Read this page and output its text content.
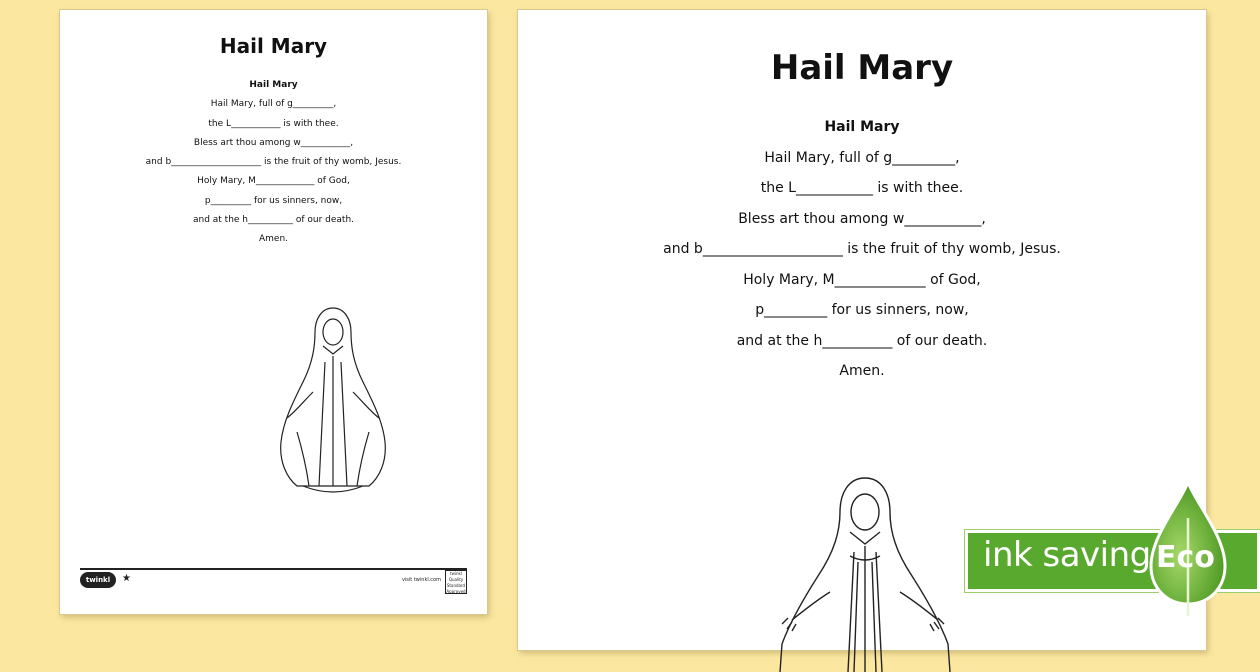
Hail Mary
Hail Mary
Hail Mary, full of g_________,
the L___________ is with thee.
Bless art thou among w___________,
and b____________________ is the fruit of thy womb, Jesus.
Holy Mary, M_____________ of God,
p_________ for us sinners, now,
and at the h__________ of our death.
Amen.
twinkl	★	visit twinkl.com
twinkl Quality Standard Approved
Hail Mary
Hail Mary
Hail Mary, full of g_________,
the L___________ is with thee.
Bless art thou among w___________,
and b____________________ is the fruit of thy womb, Jesus.
Holy Mary, M_____________ of God,
p_________ for us sinners, now,
and at the h__________ of our death.
Amen.
ink saving Eco
